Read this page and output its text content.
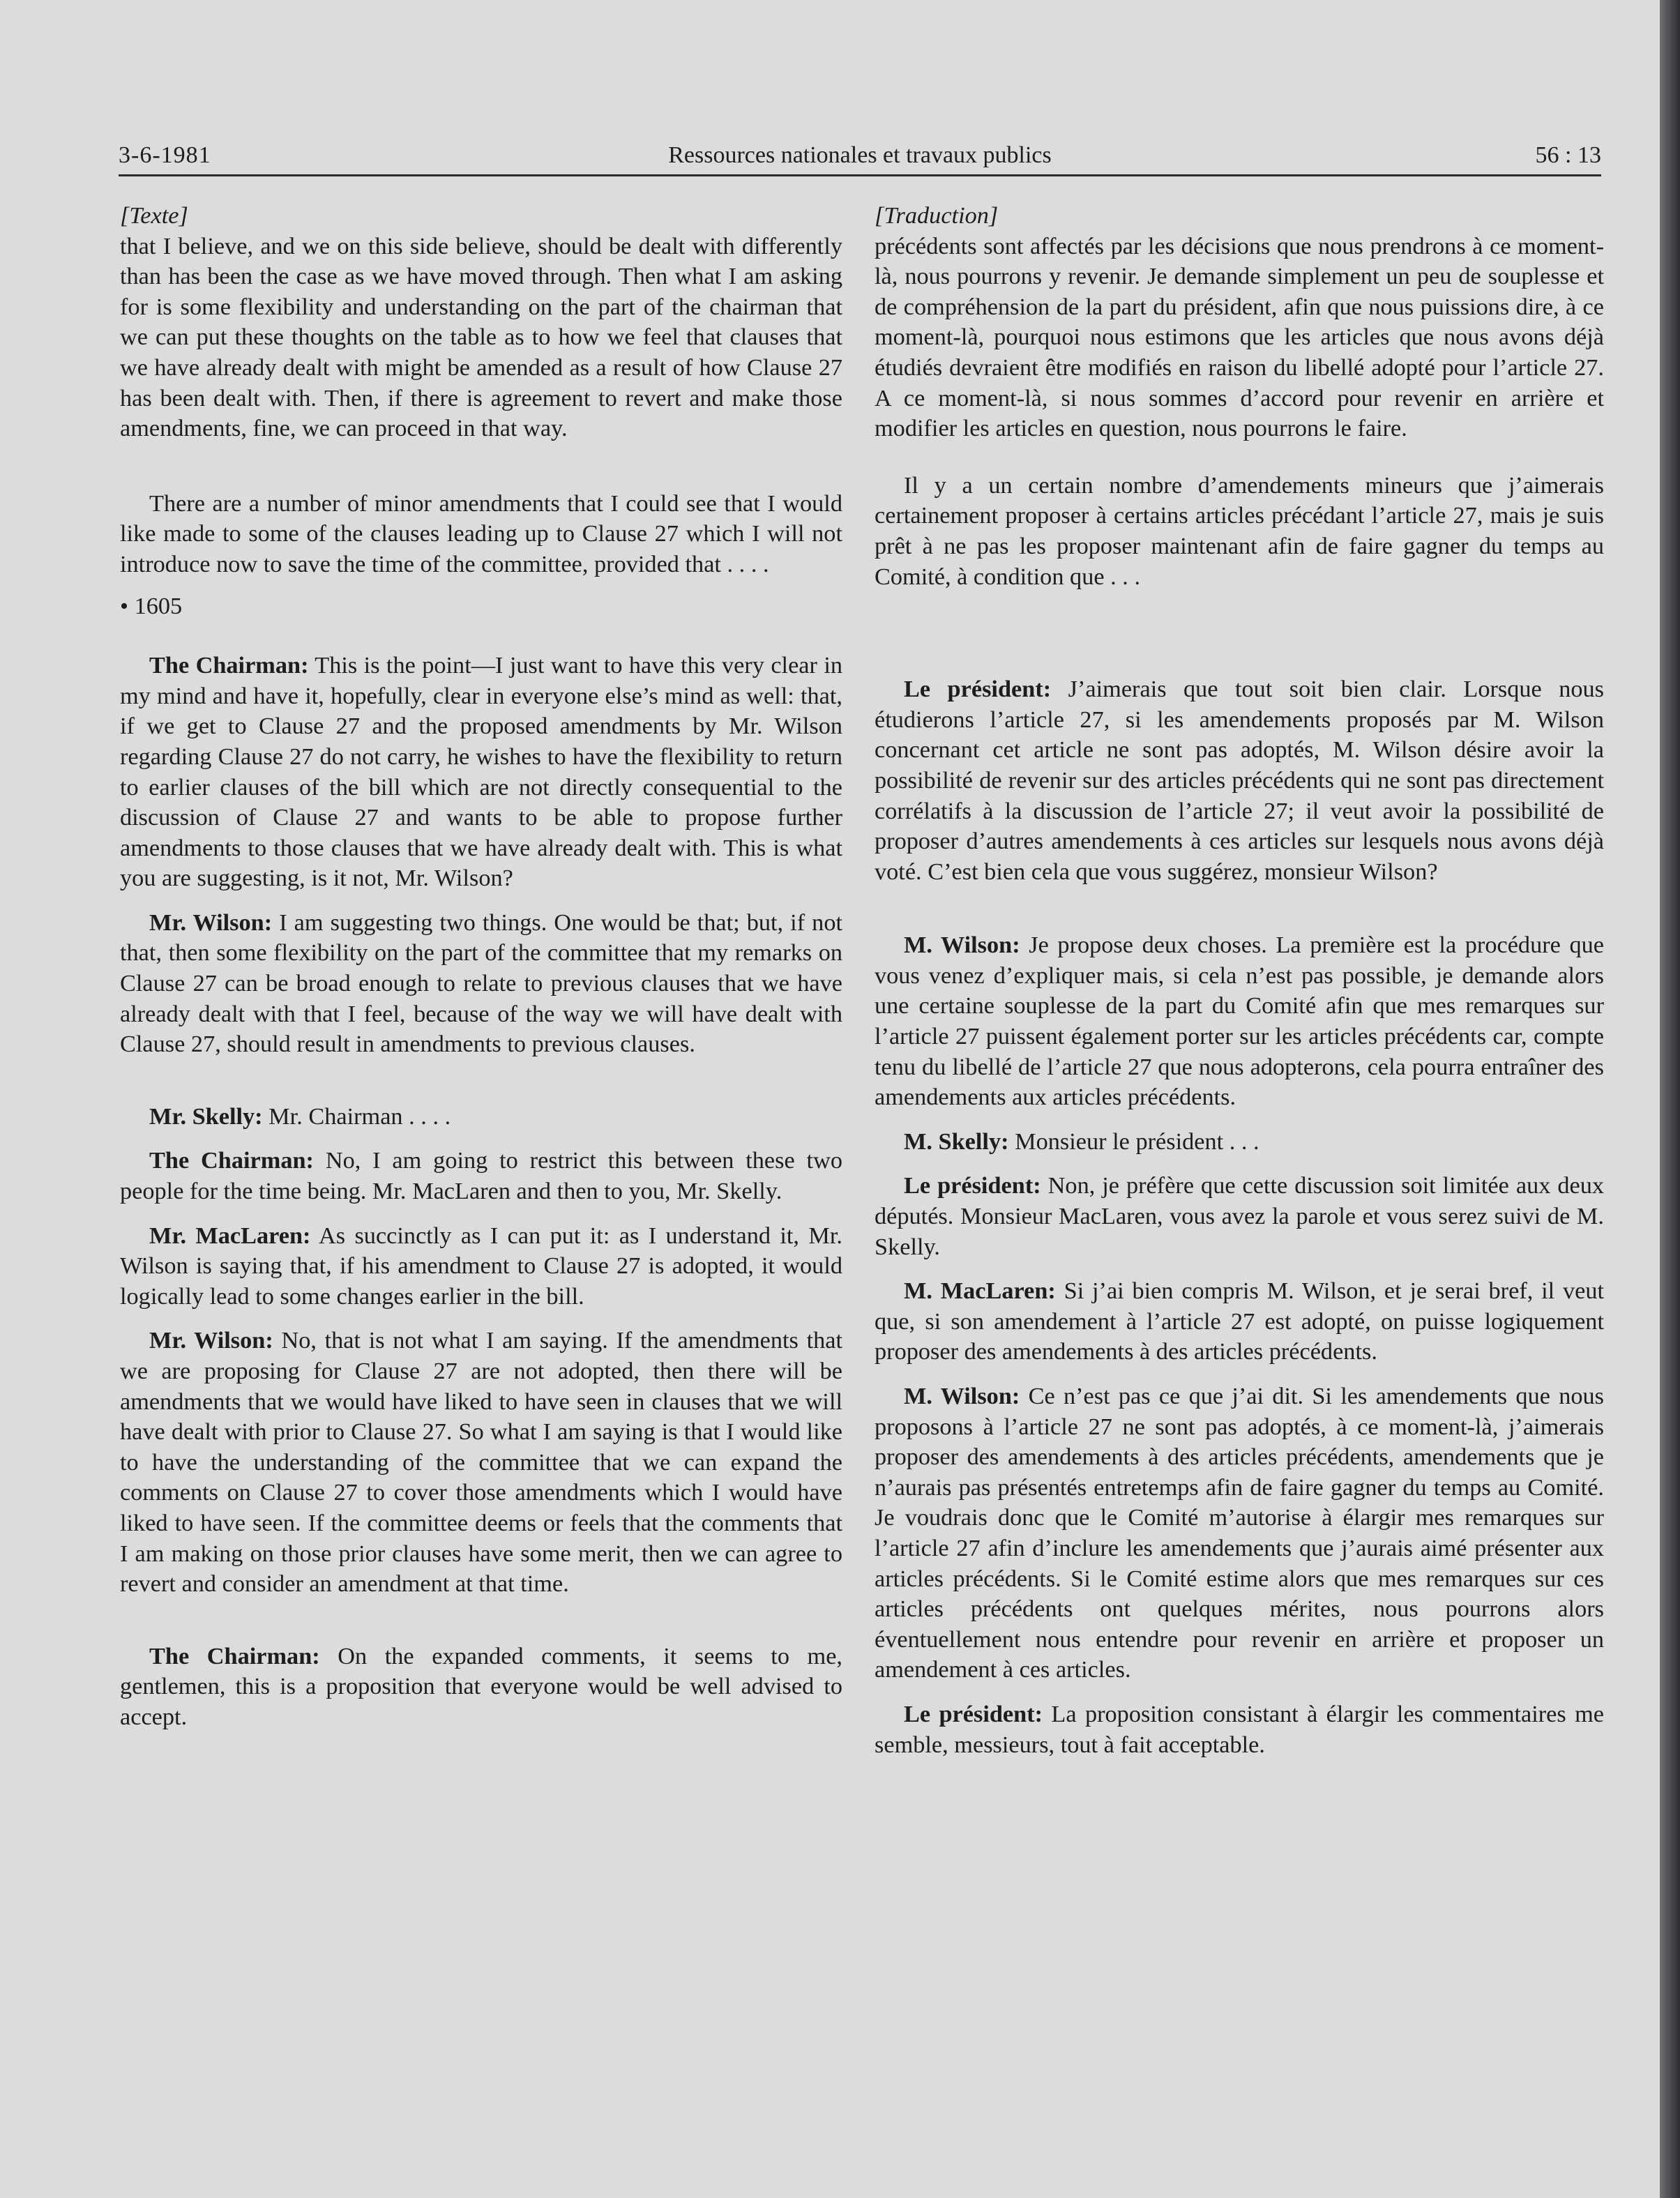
3-6-1981	Ressources nationales et travaux publics	56 : 13

[Texte]

that I believe, and we on this side believe, should be dealt with differently than has been the case as we have moved through. Then what I am asking for is some flexibility and understanding on the part of the chairman that we can put these thoughts on the table as to how we feel that clauses that we have already dealt with might be amended as a result of how Clause 27 has been dealt with. Then, if there is agreement to revert and make those amendments, fine, we can proceed in that way.

There are a number of minor amendments that I could see that I would like made to some of the clauses leading up to Clause 27 which I will not introduce now to save the time of the committee, provided that . . . .

• 1605

The Chairman: This is the point—I just want to have this very clear in my mind and have it, hopefully, clear in everyone else’s mind as well: that, if we get to Clause 27 and the proposed amendments by Mr. Wilson regarding Clause 27 do not carry, he wishes to have the flexibility to return to earlier clauses of the bill which are not directly consequential to the discussion of Clause 27 and wants to be able to propose further amendments to those clauses that we have already dealt with. This is what you are suggesting, is it not, Mr. Wilson?

Mr. Wilson: I am suggesting two things. One would be that; but, if not that, then some flexibility on the part of the committee that my remarks on Clause 27 can be broad enough to relate to previous clauses that we have already dealt with that I feel, because of the way we will have dealt with Clause 27, should result in amendments to previous clauses.

Mr. Skelly: Mr. Chairman . . . .

The Chairman: No, I am going to restrict this between these two people for the time being. Mr. MacLaren and then to you, Mr. Skelly.

Mr. MacLaren: As succinctly as I can put it: as I understand it, Mr. Wilson is saying that, if his amendment to Clause 27 is adopted, it would logically lead to some changes earlier in the bill.

Mr. Wilson: No, that is not what I am saying. If the amendments that we are proposing for Clause 27 are not adopted, then there will be amendments that we would have liked to have seen in clauses that we will have dealt with prior to Clause 27. So what I am saying is that I would like to have the understanding of the committee that we can expand the comments on Clause 27 to cover those amendments which I would have liked to have seen. If the committee deems or feels that the comments that I am making on those prior clauses have some merit, then we can agree to revert and consider an amendment at that time.

The Chairman: On the expanded comments, it seems to me, gentlemen, this is a proposition that everyone would be well advised to accept.

[Traduction]

précédents sont affectés par les décisions que nous prendrons à ce moment-là, nous pourrons y revenir. Je demande simplement un peu de souplesse et de compréhension de la part du président, afin que nous puissions dire, à ce moment-là, pourquoi nous estimons que les articles que nous avons déjà étudiés devraient être modifiés en raison du libellé adopté pour l’article 27. A ce moment-là, si nous sommes d’accord pour revenir en arrière et modifier les articles en question, nous pourrons le faire.

Il y a un certain nombre d’amendements mineurs que j’aimerais certainement proposer à certains articles précédant l’article 27, mais je suis prêt à ne pas les proposer maintenant afin de faire gagner du temps au Comité, à condition que . . .

Le président: J’aimerais que tout soit bien clair. Lorsque nous étudierons l’article 27, si les amendements proposés par M. Wilson concernant cet article ne sont pas adoptés, M. Wilson désire avoir la possibilité de revenir sur des articles précédents qui ne sont pas directement corrélatifs à la discussion de l’article 27; il veut avoir la possibilité de proposer d’autres amendements à ces articles sur lesquels nous avons déjà voté. C’est bien cela que vous suggérez, monsieur Wilson?

M. Wilson: Je propose deux choses. La première est la procédure que vous venez d’expliquer mais, si cela n’est pas possible, je demande alors une certaine souplesse de la part du Comité afin que mes remarques sur l’article 27 puissent également porter sur les articles précédents car, compte tenu du libellé de l’article 27 que nous adopterons, cela pourra entraîner des amendements aux articles précédents.

M. Skelly: Monsieur le président . . .

Le président: Non, je préfère que cette discussion soit limitée aux deux députés. Monsieur MacLaren, vous avez la parole et vous serez suivi de M. Skelly.

M. MacLaren: Si j’ai bien compris M. Wilson, et je serai bref, il veut que, si son amendement à l’article 27 est adopté, on puisse logiquement proposer des amendements à des articles précédents.

M. Wilson: Ce n’est pas ce que j’ai dit. Si les amendements que nous proposons à l’article 27 ne sont pas adoptés, à ce moment-là, j’aimerais proposer des amendements à des articles précédents, amendements que je n’aurais pas présentés entretemps afin de faire gagner du temps au Comité. Je voudrais donc que le Comité m’autorise à élargir mes remarques sur l’article 27 afin d’inclure les amendements que j’aurais aimé présenter aux articles précédents. Si le Comité estime alors que mes remarques sur ces articles précédents ont quelques mérites, nous pourrons alors éventuellement nous entendre pour revenir en arrière et proposer un amendement à ces articles.

Le président: La proposition consistant à élargir les commentaires me semble, messieurs, tout à fait acceptable.
